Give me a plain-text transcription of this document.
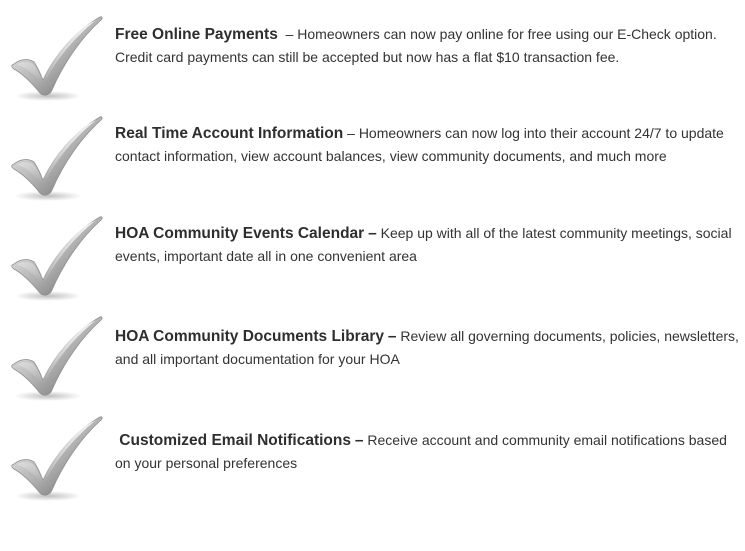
Free Online Payments  – Homeowners can now pay online for free using our E-Check option. Credit card payments can still be accepted but now has a flat $10 transaction fee.
Real Time Account Information – Homeowners can now log into their account 24/7 to update contact information, view account balances, view community documents, and much more
HOA Community Events Calendar – Keep up with all of the latest community meetings, social events, important date all in one convenient area
HOA Community Documents Library – Review all governing documents, policies, newsletters, and all important documentation for your HOA
Customized Email Notifications – Receive account and community email notifications based on your personal preferences
